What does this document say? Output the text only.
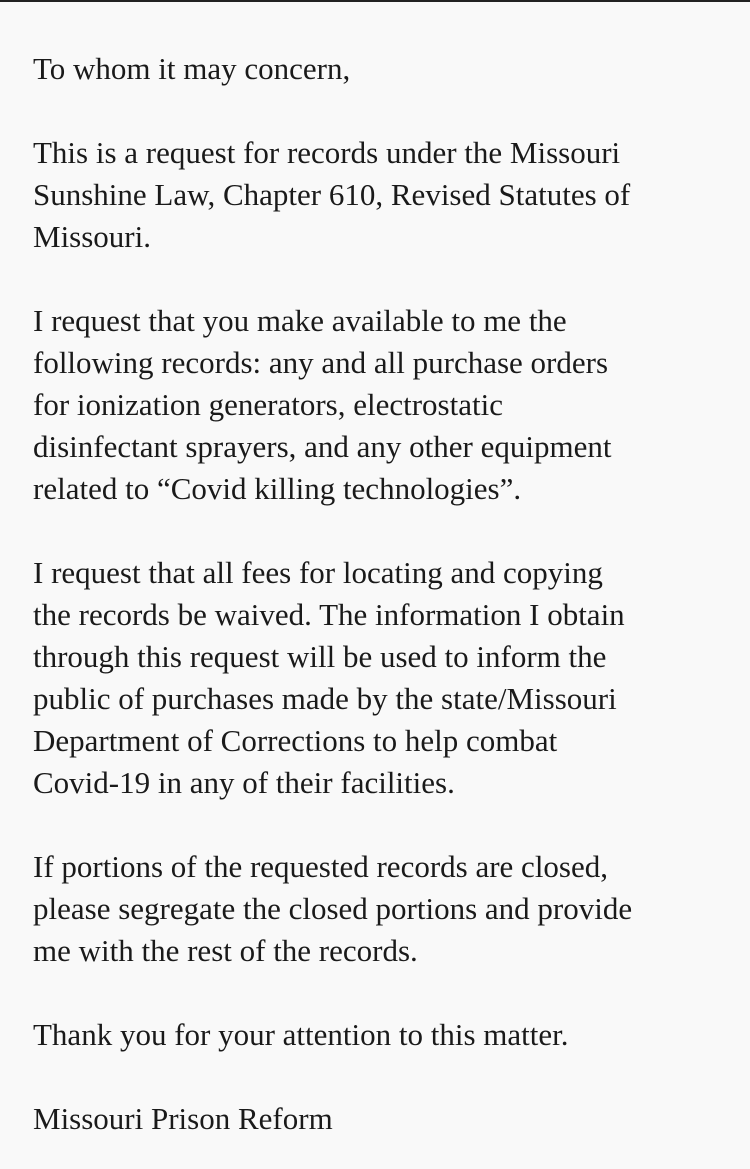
To whom it may concern,

This is a request for records under the Missouri
Sunshine Law, Chapter 610, Revised Statutes of
Missouri.

I request that you make available to me the
following records: any and all purchase orders
for ionization generators, electrostatic
disinfectant sprayers, and any other equipment
related to “Covid killing technologies”.

I request that all fees for locating and copying
the records be waived. The information I obtain
through this request will be used to inform the
public of purchases made by the state/Missouri
Department of Corrections to help combat
Covid-19 in any of their facilities.

If portions of the requested records are closed,
please segregate the closed portions and provide
me with the rest of the records.

Thank you for your attention to this matter.

Missouri Prison Reform
